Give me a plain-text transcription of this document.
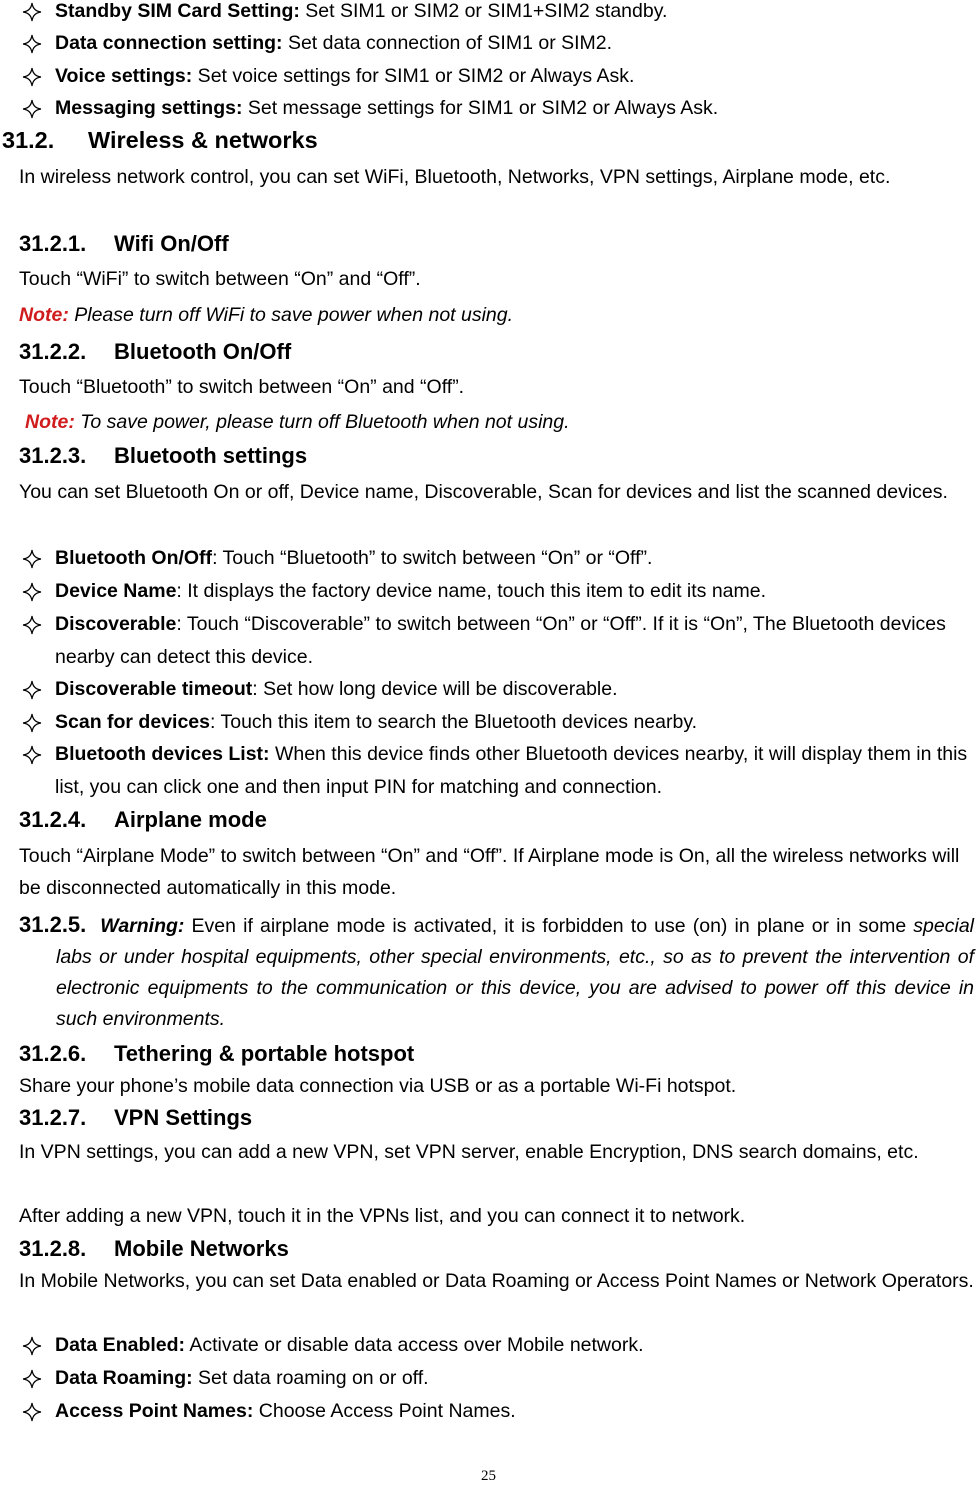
Standby SIM Card Setting: Set SIM1 or SIM2 or SIM1+SIM2 standby.
Data connection setting: Set data connection of SIM1 or SIM2.
Voice settings: Set voice settings for SIM1 or SIM2 or Always Ask.
Messaging settings: Set message settings for SIM1 or SIM2 or Always Ask.
31.2. Wireless & networks
In wireless network control, you can set WiFi, Bluetooth, Networks, VPN settings, Airplane mode, etc.
31.2.1. Wifi On/Off
Touch “WiFi” to switch between “On” and “Off”.
Note: Please turn off WiFi to save power when not using.
31.2.2. Bluetooth On/Off
Touch “Bluetooth” to switch between “On” and “Off”.
Note: To save power, please turn off Bluetooth when not using.
31.2.3. Bluetooth settings
You can set Bluetooth On or off, Device name, Discoverable, Scan for devices and list the scanned devices.
Bluetooth On/Off: Touch “Bluetooth” to switch between “On” or “Off”.
Device Name: It displays the factory device name, touch this item to edit its name.
Discoverable: Touch “Discoverable” to switch between “On” or “Off”. If it is “On”, The Bluetooth devices nearby can detect this device.
Discoverable timeout: Set how long device will be discoverable.
Scan for devices: Touch this item to search the Bluetooth devices nearby.
Bluetooth devices List: When this device finds other Bluetooth devices nearby, it will display them in this list, you can click one and then input PIN for matching and connection.
31.2.4. Airplane mode
Touch “Airplane Mode” to switch between “On” and “Off”. If Airplane mode is On, all the wireless networks will be disconnected automatically in this mode.
31.2.5. Warning: Even if airplane mode is activated, it is forbidden to use (on) in plane or in some special labs or under hospital equipments, other special environments, etc., so as to prevent the intervention of electronic equipments to the communication or this device, you are advised to power off this device in such environments.
31.2.6. Tethering & portable hotspot
Share your phone’s mobile data connection via USB or as a portable Wi-Fi hotspot.
31.2.7. VPN Settings
In VPN settings, you can add a new VPN, set VPN server, enable Encryption, DNS search domains, etc.
After adding a new VPN, touch it in the VPNs list, and you can connect it to network.
31.2.8. Mobile Networks
In Mobile Networks, you can set Data enabled or Data Roaming or Access Point Names or Network Operators.
Data Enabled: Activate or disable data access over Mobile network.
Data Roaming: Set data roaming on or off.
Access Point Names: Choose Access Point Names.
25
